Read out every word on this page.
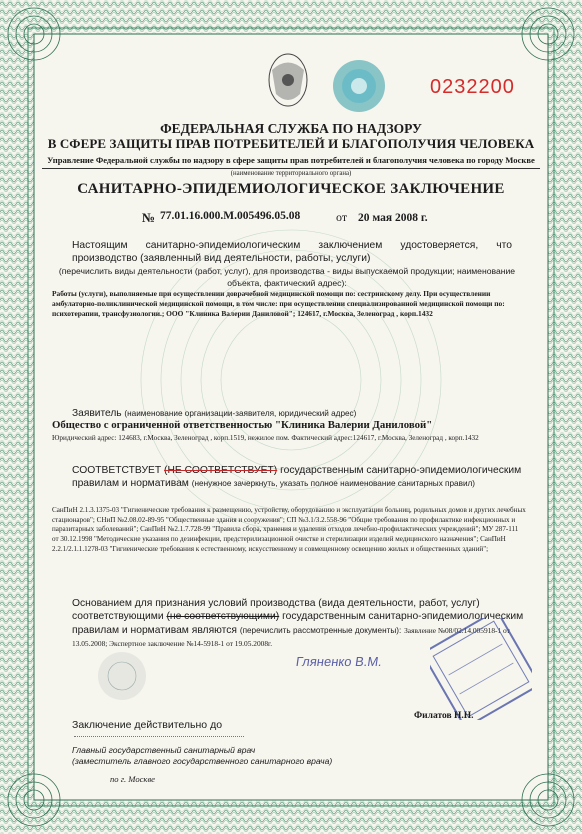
0232200
ФЕДЕРАЛЬНАЯ СЛУЖБА ПО НАДЗОРУ
В СФЕРЕ ЗАЩИТЫ ПРАВ ПОТРЕБИТЕЛЕЙ И БЛАГОПОЛУЧИЯ ЧЕЛОВЕКА
Управление Федеральной службы по надзору в сфере защиты прав потребителей и благополучия человека по городу Москве
(наименование территориального органа)
САНИТАРНО-ЭПИДЕМИОЛОГИЧЕСКОЕ ЗАКЛЮЧЕНИЕ
№ 77.01.16.000.М.005496.05.08	от 20 мая 2008 г.
Настоящим санитарно-эпидемиологическим заключением удостоверяется, что производство (заявленный вид деятельности, работы, услуги)
(перечислить виды деятельности (работ, услуг), для производства - виды выпускаемой продукции; наименование объекта, фактический адрес):
Работы (услуги), выполняемые при осуществлении доврачебной медицинской помощи по: сестринскому делу. При осуществлении амбулаторно-поликлинической медицинской помощи, в том числе: при осуществлении специализированной медицинской помощи по: психотерапии, трансфузиологии.; ООО "Клиника Валерии Даниловой"; 124617, г.Москва, Зеленоград , корп.1432
Заявитель (наименование организации-заявителя, юридический адрес)
Общество с ограниченной ответственностью "Клиника Валерии Даниловой"
Юридический адрес: 124683, г.Москва, Зеленоград , корп.1519, нежилое пом. Фактический адрес:124617, г.Москва, Зеленоград , корп.1432
СООТВЕТСТВУЕТ (НЕ СООТВЕТСТВУЕТ) государственным санитарно-эпидемиологическим правилам и нормативам (ненужное зачеркнуть, указать полное наименование санитарных правил)
СанПиН 2.1.3.1375-03 "Гигиенические требования к размещению, устройству, оборудованию и эксплуатации больниц, родильных домов и других лечебных стационаров"; СНиП №2.08.02-89-95 "Общественные здания и сооружения"; СП №3.1/3.2.558-96 "Общие требования по профилактике инфекционных и паразитарных заболеваний"; СанПиН №2.1.7.728-99 "Правила сбора, хранения и удаления отходов лечебно-профилактических учреждений"; МУ 287-111 от 30.12.1998 "Методические указания по дезинфекции, предстерилизационной очистке и стерилизации изделий медицинского назначения"; СанПиН 2.2.1/2.1.1.1278-03 "Гигиенические требования к естественному, искусственному и совмещенному освещению жилых и общественных зданий";
Основанием для признания условий производства (вида деятельности, работ, услуг) соответствующими (не соответствующими) государственным санитарно-эпидемиологическим правилам и нормативам являются (перечислить рассмотренные документы): Заявление №08/02.14.005918-1 от 13.05.2008; Экспертное заключение №14-5918-1 от 19.05.2008г.
Гляненко В.М.
Филатов Н.Н.
Заключение действительно до
Главный государственный санитарный врач
(заместитель главного государственного санитарного врача)
по г. Москве
